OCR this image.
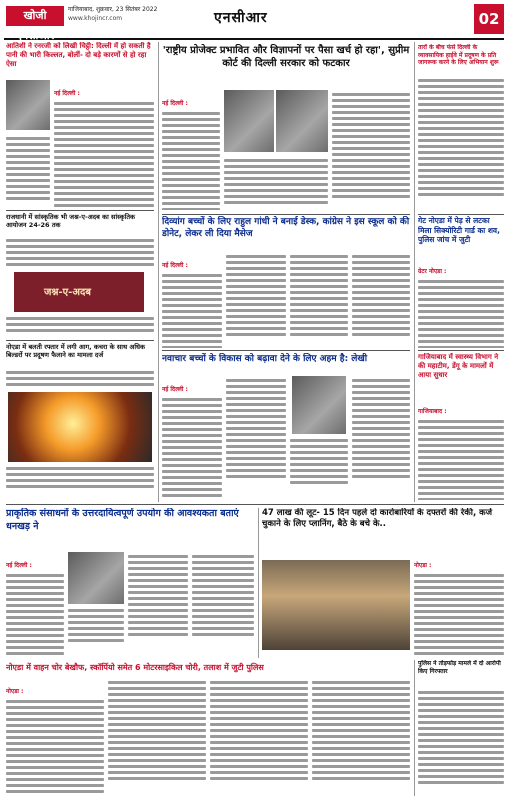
खोजी एनसीआर
गाजियाबाद, शुक्रवार, 23 सितंबर 2022
www.khojincr.com	एनसीआर	02
आतिशी ने रनरजी को लिखी चिट्ठी: दिल्ली में हो सकती है पानी की भारी किल्लत, बोलीं- दो बड़े कारणों से हो रहा ऐसा
नई दिल्ली :
राजधानी में सांस्कृतिक भी जश्न-ए-अदब का सांस्कृतिक आयोजन 24-26 तक
जश्न-ए-अदब
नोएडा में बलती रफ्तार में लगी आग, कचरा के साथ अधिक बिल्डरों पर प्रदूषण फैलाने का मामला दर्ज
'राष्ट्रीय प्रोजेक्ट प्रभावित और विज्ञापनों पर पैसा खर्च हो रहा', सुप्रीम कोर्ट की दिल्ली सरकार को फटकार
नई दिल्ली :
तारों के बीच फंसे दिल्ली के व्यावसायिक हाईवे में प्रदूषण के प्रति जागरूक करने के लिए अभियान शुरू
दिव्यांग बच्चों के लिए राहुल गांधी ने बनाई डेस्क, कांग्रेस ने इस स्कूल को की डोनेट, लेकर ली दिया मैसेज
नई दिल्ली :
गेट नोएडा में पेड़ से लटका मिला सिक्योरिटी गार्ड का शव, पुलिस जांच में जुटी
ग्रेटर नोएडा :
नवाचार बच्चों के विकास को बढ़ावा देने के लिए अहम है: लेखी
नई दिल्ली :
गाजियाबाद में स्वास्थ्य विभाग ने की महाटीम, डेंगू के मामलों में आया सुधार
गाजियाबाद :
प्राकृतिक संसाधनों के उत्तरदायित्वपूर्ण उपयोग की आवश्यकता बताएं धनखड़ ने
नई दिल्ली :
47 लाख की लूट- 15 दिन पहले दो कारोबारियों के दफ्तरों की रेकी, कर्ज चुकाने के लिए प्लानिंग, बैठे के बचे के..
नोएडा :
नोएडा में वाहन चोर बेखौफ, स्कॉर्पियो समेत 6 मोटरसाइकिल चोरी, तलाश में जुटी पुलिस
नोएडा :
पुलिस ने तोड़फोड़ मामले में दो आरोपी किए गिरफ्तार
